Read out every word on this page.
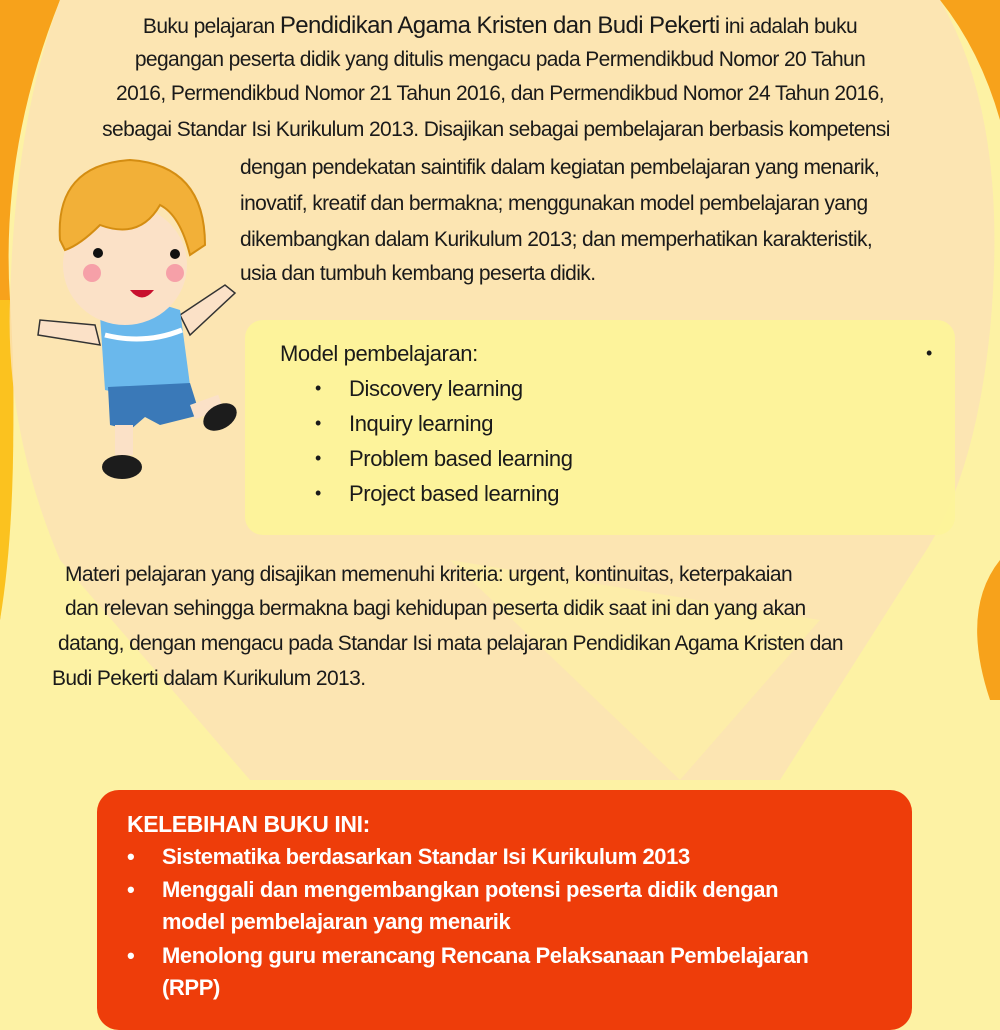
Buku pelajaran Pendidikan Agama Kristen dan Budi Pekerti ini adalah buku
pegangan peserta didik yang ditulis mengacu pada Permendikbud Nomor 20 Tahun
2016, Permendikbud Nomor 21 Tahun 2016, dan Permendikbud Nomor 24 Tahun 2016,
sebagai Standar Isi Kurikulum 2013. Disajikan sebagai pembelajaran berbasis kompetensi
dengan pendekatan saintifik dalam kegiatan pembelajaran yang menarik,
inovatif, kreatif dan bermakna; menggunakan model pembelajaran yang
dikembangkan dalam Kurikulum 2013; dan memperhatikan karakteristik,
usia dan tumbuh kembang peserta didik.
Model pembelajaran:	•
• Discovery learning
• Inquiry learning
• Problem based learning
• Project based learning
Materi pelajaran yang disajikan memenuhi kriteria: urgent, kontinuitas, keterpakaian
dan relevan sehingga bermakna bagi kehidupan peserta didik saat ini dan yang akan
datang, dengan mengacu pada Standar Isi mata pelajaran Pendidikan Agama Kristen dan
Budi Pekerti dalam Kurikulum 2013.
KELEBIHAN BUKU INI:
• Sistematika berdasarkan Standar Isi Kurikulum 2013
• Menggali dan mengembangkan potensi peserta didik dengan
model pembelajaran yang menarik
• Menolong guru merancang Rencana Pelaksanaan Pembelajaran
(RPP)
